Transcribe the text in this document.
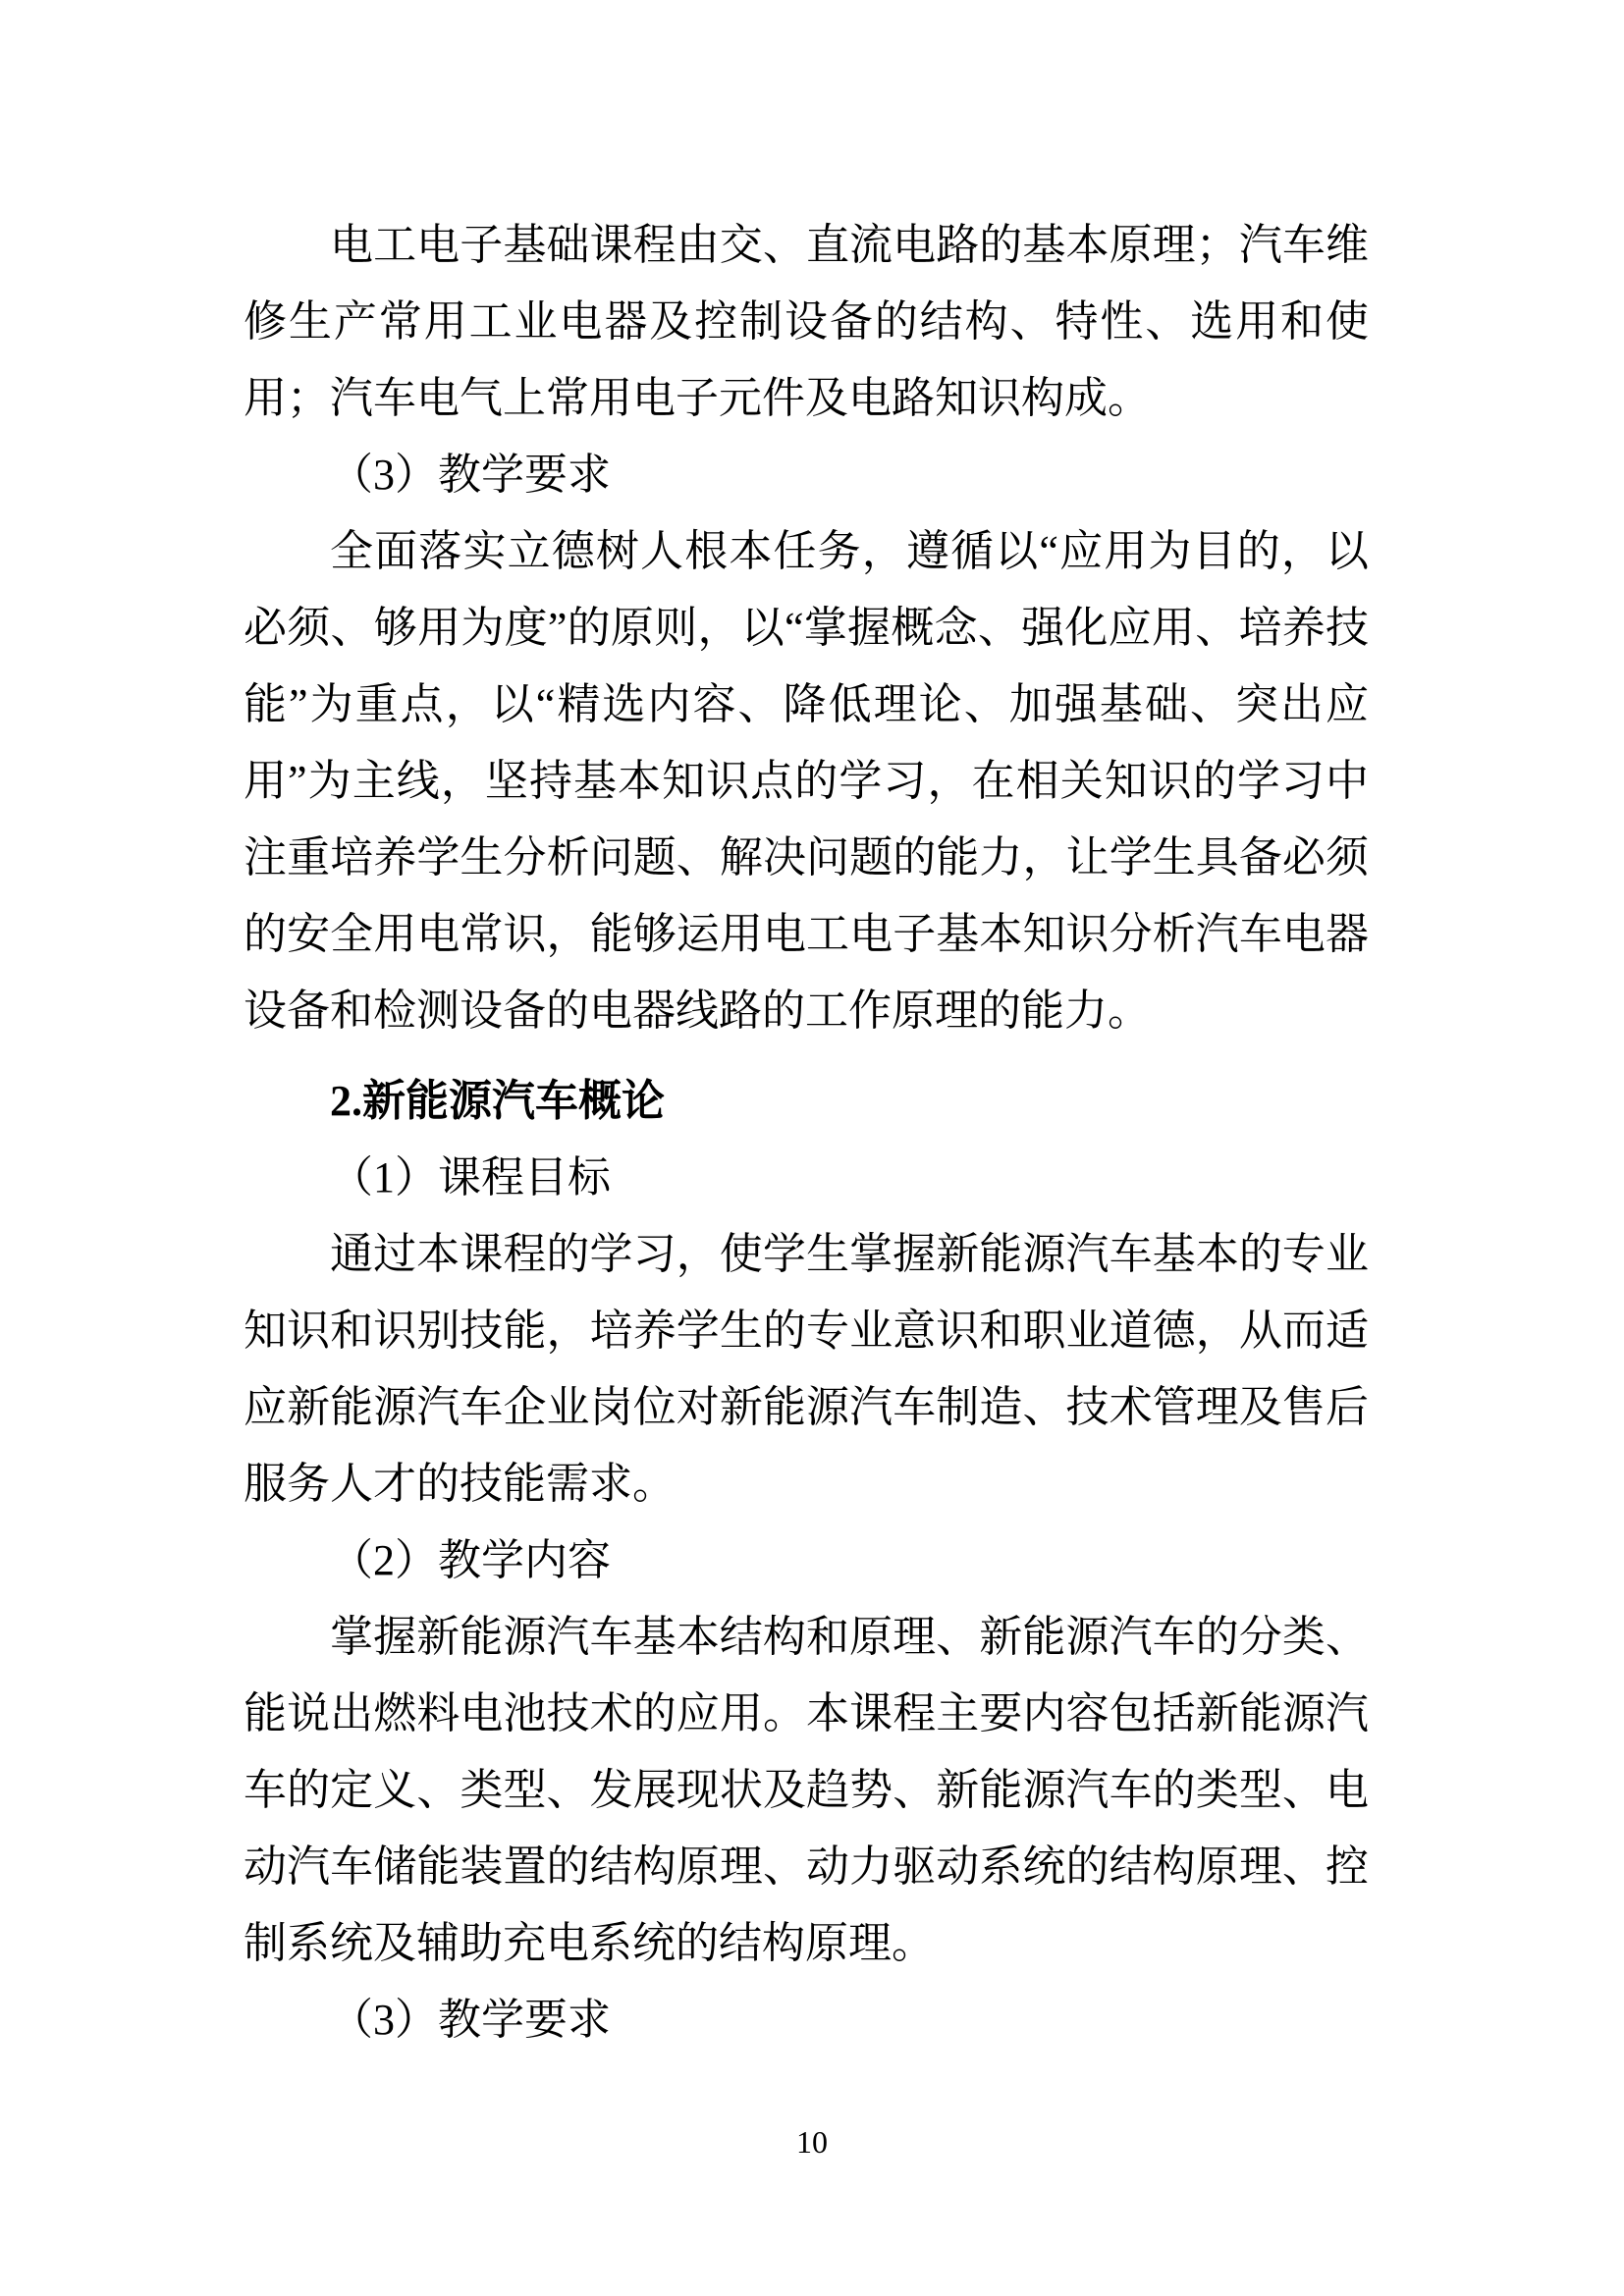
电工电子基础课程由交、直流电路的基本原理；汽车维修生产常用工业电器及控制设备的结构、特性、选用和使用；汽车电气上常用电子元件及电路知识构成。

（3）教学要求

全面落实立德树人根本任务，遵循以“应用为目的，以必须、够用为度”的原则，以“掌握概念、强化应用、培养技能”为重点，以“精选内容、降低理论、加强基础、突出应用”为主线，坚持基本知识点的学习，在相关知识的学习中注重培养学生分析问题、解决问题的能力，让学生具备必须的安全用电常识，能够运用电工电子基本知识分析汽车电器设备和检测设备的电器线路的工作原理的能力。

2.新能源汽车概论

（1）课程目标

通过本课程的学习，使学生掌握新能源汽车基本的专业知识和识别技能，培养学生的专业意识和职业道德，从而适应新能源汽车企业岗位对新能源汽车制造、技术管理及售后服务人才的技能需求。

（2）教学内容

掌握新能源汽车基本结构和原理、新能源汽车的分类、能说出燃料电池技术的应用。本课程主要内容包括新能源汽车的定义、类型、发展现状及趋势、新能源汽车的类型、电动汽车储能装置的结构原理、动力驱动系统的结构原理、控制系统及辅助充电系统的结构原理。

（3）教学要求

10
